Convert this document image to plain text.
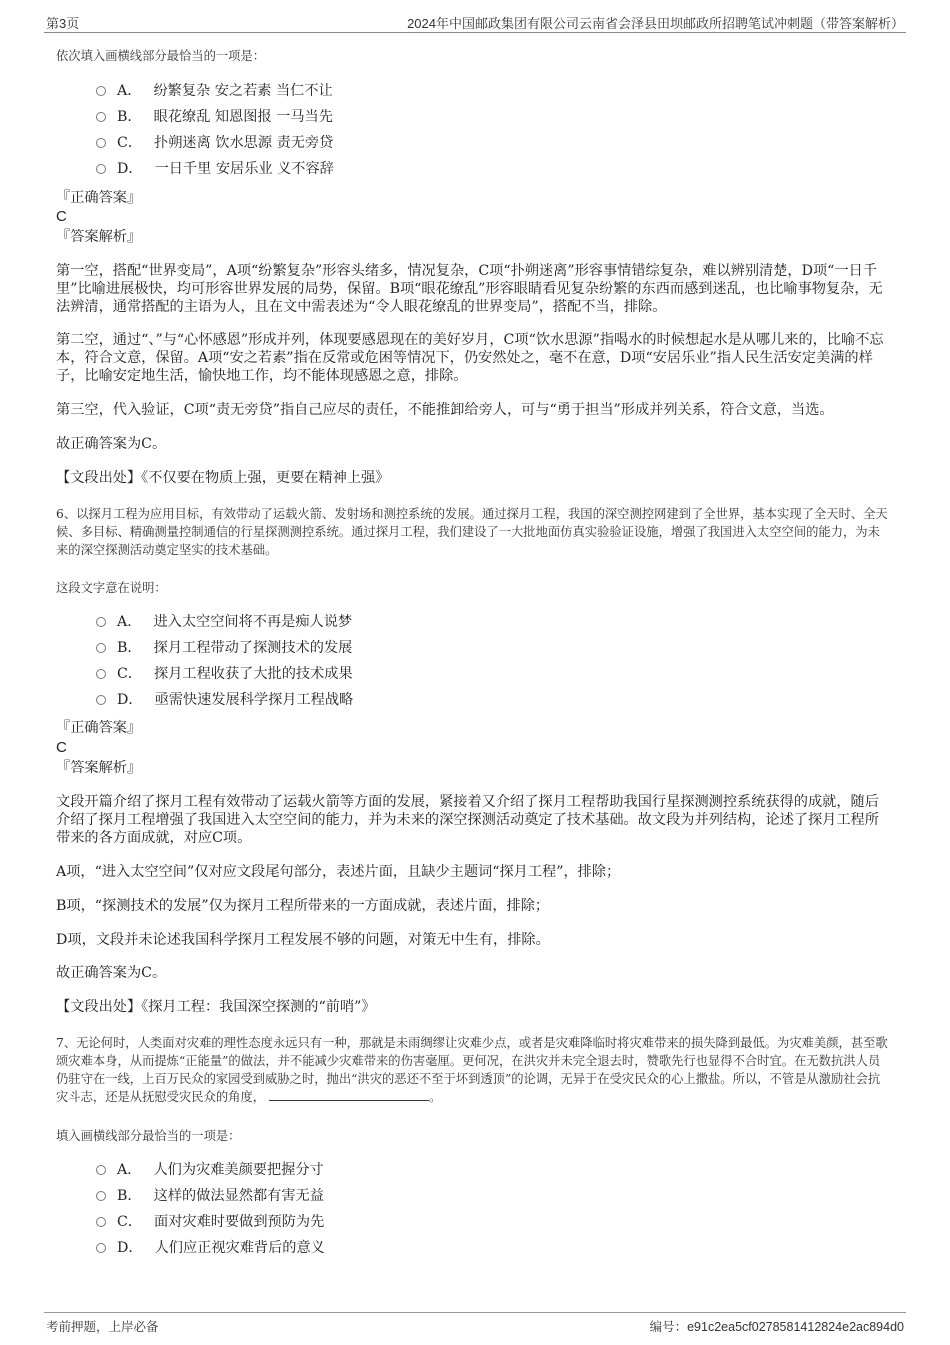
第3页	2024年中国邮政集团有限公司云南省会泽县田坝邮政所招聘笔试冲刺题（带答案解析）
依次填入画横线部分最恰当的一项是：
A． 纷繁复杂 安之若素 当仁不让
B． 眼花缭乱 知恩图报 一马当先
C． 扑朔迷离 饮水思源 责无旁贷
D． 一日千里 安居乐业 义不容辞
『正确答案』
C
『答案解析』
第一空，搭配“世界变局”，A项“纷繁复杂”形容头绪多，情况复杂，C项“扑朔迷离”形容事情错综复杂，难以辨别清楚，D项“一日千里”比喻进展极快，均可形容世界发展的局势，保留。B项“眼花缭乱”形容眼睛看见复杂纷繁的东西而感到迷乱，也比喻事物复杂，无法辨清，通常搭配的主语为人，且在文中需表述为“令人眼花缭乱的世界变局”，搭配不当，排除。
第二空，通过“、”与“心怀感恩”形成并列，体现要感恩现在的美好岁月，C项“饮水思源”指喝水的时候想起水是从哪儿来的，比喻不忘本，符合文意，保留。A项“安之若素”指在反常或危困等情况下，仍安然处之，毫不在意，D项“安居乐业”指人民生活安定美满的样子，比喻安定地生活，愉快地工作，均不能体现感恩之意，排除。
第三空，代入验证，C项“责无旁贷”指自己应尽的责任，不能推卸给旁人，可与“勇于担当”形成并列关系，符合文意，当选。
故正确答案为C。
【文段出处】《不仅要在物质上强，更要在精神上强》
6、以探月工程为应用目标，有效带动了运载火箭、发射场和测控系统的发展。通过探月工程，我国的深空测控网建到了全世界，基本实现了全天时、全天候、多目标、精确测量控制通信的行星探测测控系统。通过探月工程，我们建设了一大批地面仿真实验验证设施，增强了我国进入太空空间的能力，为未来的深空探测活动奠定坚实的技术基础。
这段文字意在说明：
A． 进入太空空间将不再是痴人说梦
B． 探月工程带动了探测技术的发展
C． 探月工程收获了大批的技术成果
D． 亟需快速发展科学探月工程战略
『正确答案』
C
『答案解析』
文段开篇介绍了探月工程有效带动了运载火箭等方面的发展，紧接着又介绍了探月工程帮助我国行星探测测控系统获得的成就，随后介绍了探月工程增强了我国进入太空空间的能力，并为未来的深空探测活动奠定了技术基础。故文段为并列结构，论述了探月工程所带来的各方面成就，对应C项。
A项，“进入太空空间”仅对应文段尾句部分，表述片面，且缺少主题词“探月工程”，排除；
B项，“探测技术的发展”仅为探月工程所带来的一方面成就，表述片面，排除；
D项，文段并未论述我国科学探月工程发展不够的问题，对策无中生有，排除。
故正确答案为C。
【文段出处】《探月工程：我国深空探测的“前哨”》
7、无论何时，人类面对灾难的理性态度永远只有一种，那就是未雨绸缪让灾难少点，或者是灾难降临时将灾难带来的损失降到最低。为灾难美颜，甚至歌颂灾难本身，从而提炼“正能量”的做法，并不能减少灾难带来的伤害毫厘。更何况，在洪灾并未完全退去时，赞歌先行也显得不合时宜。在无数抗洪人员仍驻守在一线，上百万民众的家园受到威胁之时，抛出“洪灾的恶还不至于坏到透顶”的论调，无异于在受灾民众的心上撒盐。所以，不管是从激励社会抗灾斗志，还是从抚慰受灾民众的角度，	。
填入画横线部分最恰当的一项是：
A． 人们为灾难美颜要把握分寸
B． 这样的做法显然都有害无益
C． 面对灾难时要做到预防为先
D． 人们应正视灾难背后的意义
考前押题，上岸必备	编号：e91c2ea5cf0278581412824e2ac894d0
